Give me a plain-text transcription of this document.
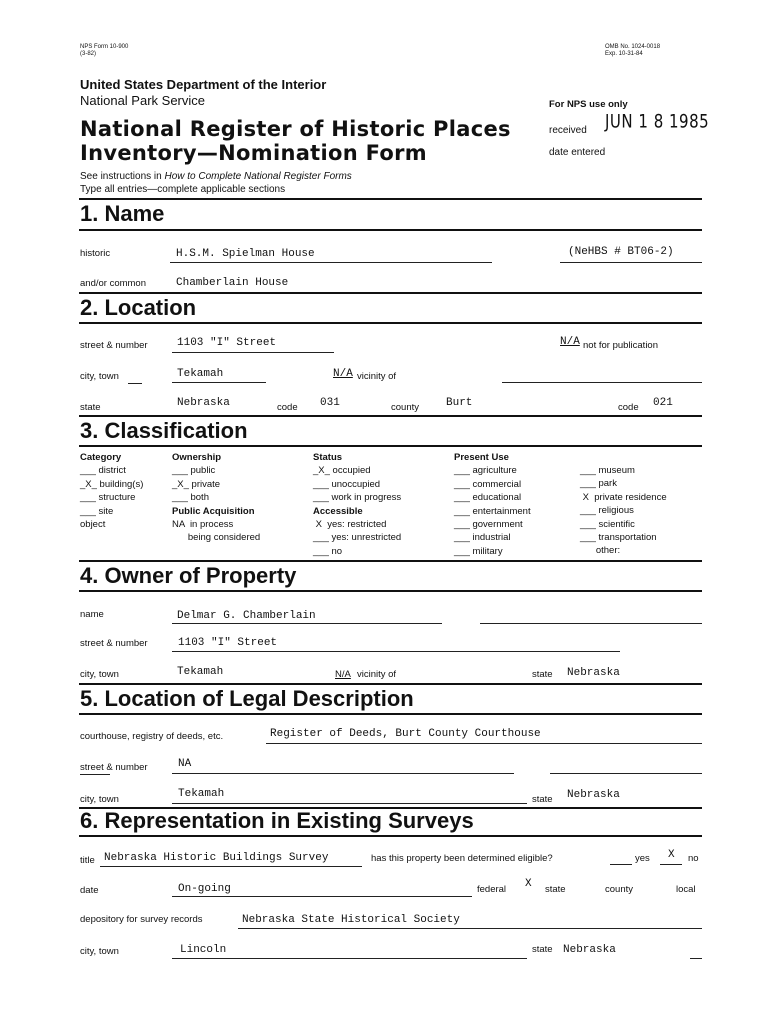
NPS Form 10-900
(3-82)
OMB No. 1024-0018
Exp. 10-31-84
United States Department of the Interior
National Park Service
National Register of Historic Places
Inventory—Nomination Form
See instructions in How to Complete National Register Forms
Type all entries—complete applicable sections
For NPS use only
received JUN 1 8 1985
date entered
1. Name
historic	H.S.M. Spielman House	(NeHBS # BT06-2)
and/or common	Chamberlain House
2. Location
street & number	1103 "I" Street	N/A not for publication
city, town	Tekamah	N/A vicinity of
state	Nebraska	code 031	county Burt	code 021
3. Classification
Category
___ district
_X_ building(s)
___ structure
___ site
object
Ownership
___ public
_X_ private
___ both
Public Acquisition
NA  in process
being considered
Status
_X_ occupied
___ unoccupied
___ work in progress
Accessible
X  yes: restricted
___ yes: unrestricted
___ no
Present Use
___ agriculture
___ commercial
___ educational
___ entertainment
___ government
___ industrial
___ military
___ museum
___ park
X  private residence
___ religious
___ scientific
___ transportation
other:
4. Owner of Property
name	Delmar G. Chamberlain
street & number	1103 "I" Street
city, town	Tekamah	N/A vicinity of	state Nebraska
5. Location of Legal Description
courthouse, registry of deeds, etc.	Register of Deeds, Burt County Courthouse
street & number	NA
city, town	Tekamah	state Nebraska
6. Representation in Existing Surveys
title Nebraska Historic Buildings Survey	has this property been determined eligible?	yes X no
date	On-going	federal X state	county	local
depository for survey records	Nebraska State Historical Society
city, town	Lincoln	state Nebraska
